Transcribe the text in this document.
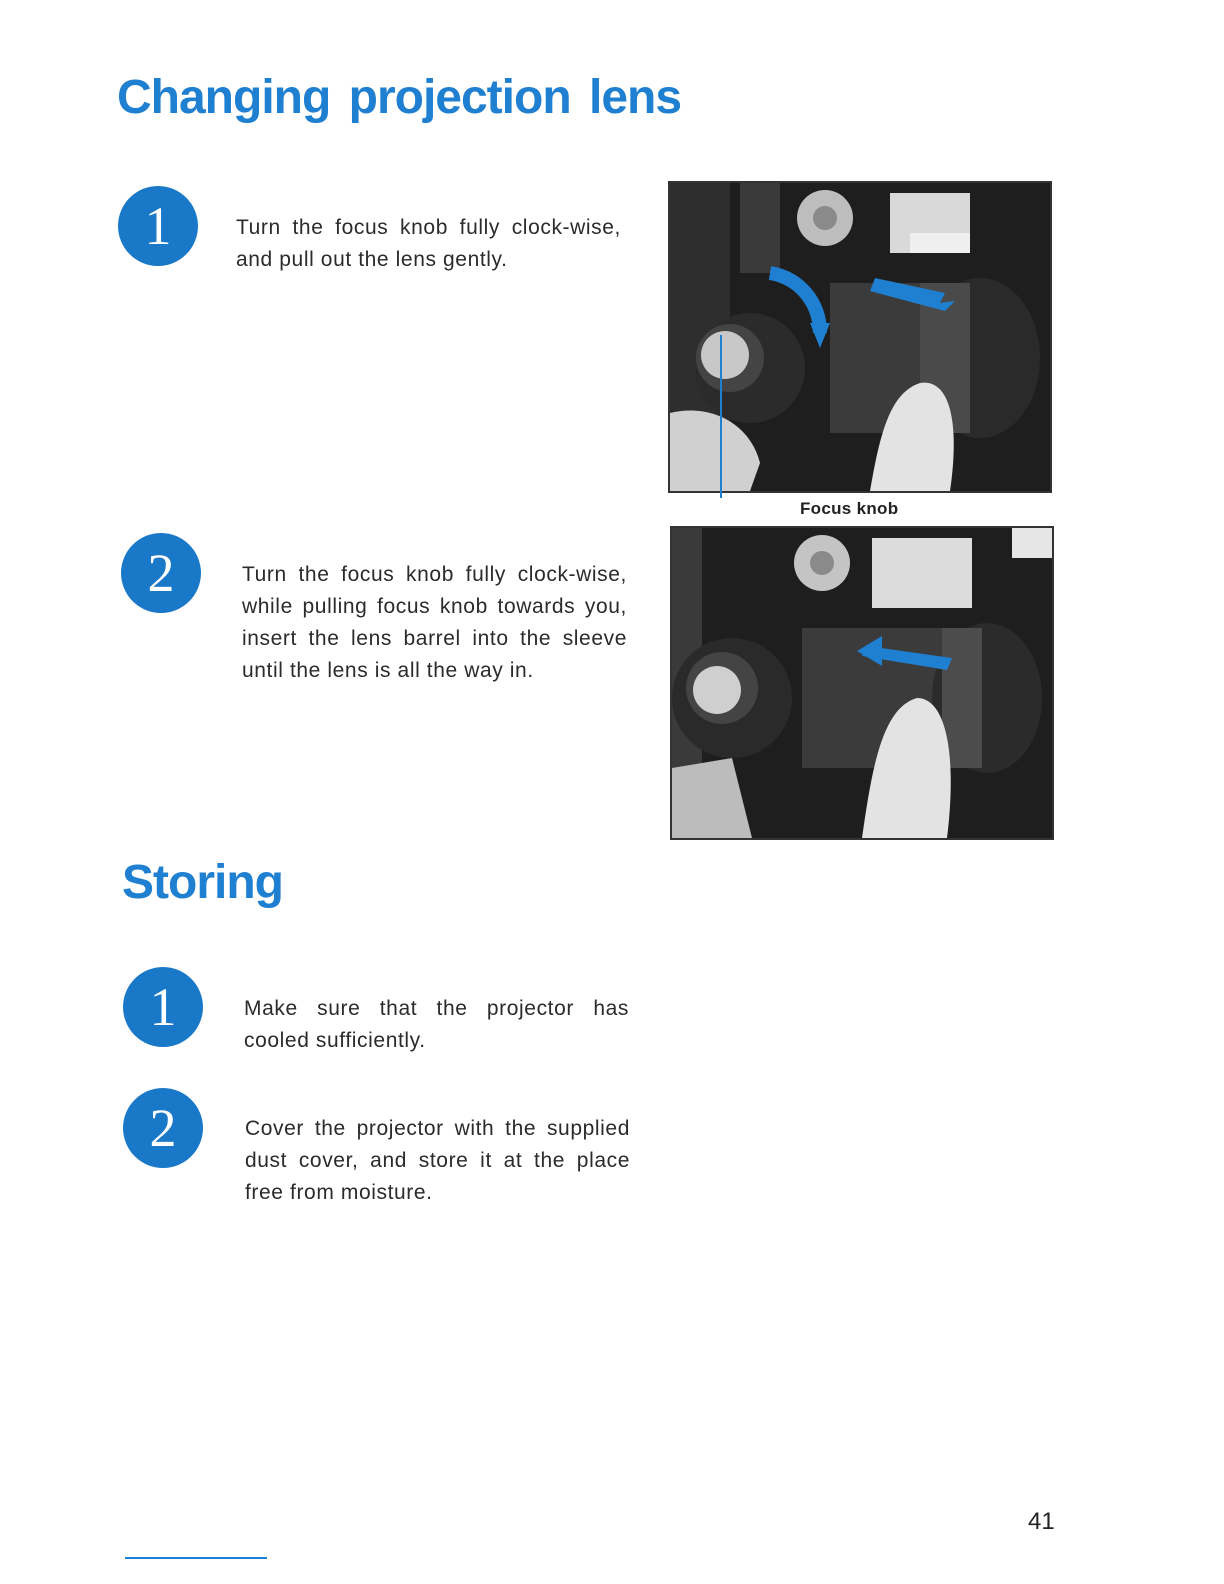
Changing projection lens
Storing
1	Turn the focus knob fully clock-wise, and pull out the lens gently.

2	Turn the focus knob fully clock-wise, while pulling focus knob towards you, insert the lens barrel into the sleeve until the lens is all the way in.

1	Make sure that the projector has cooled sufficiently.

2	Cover the projector with the supplied dust cover, and store it at the place free from moisture.

Focus knob
41
